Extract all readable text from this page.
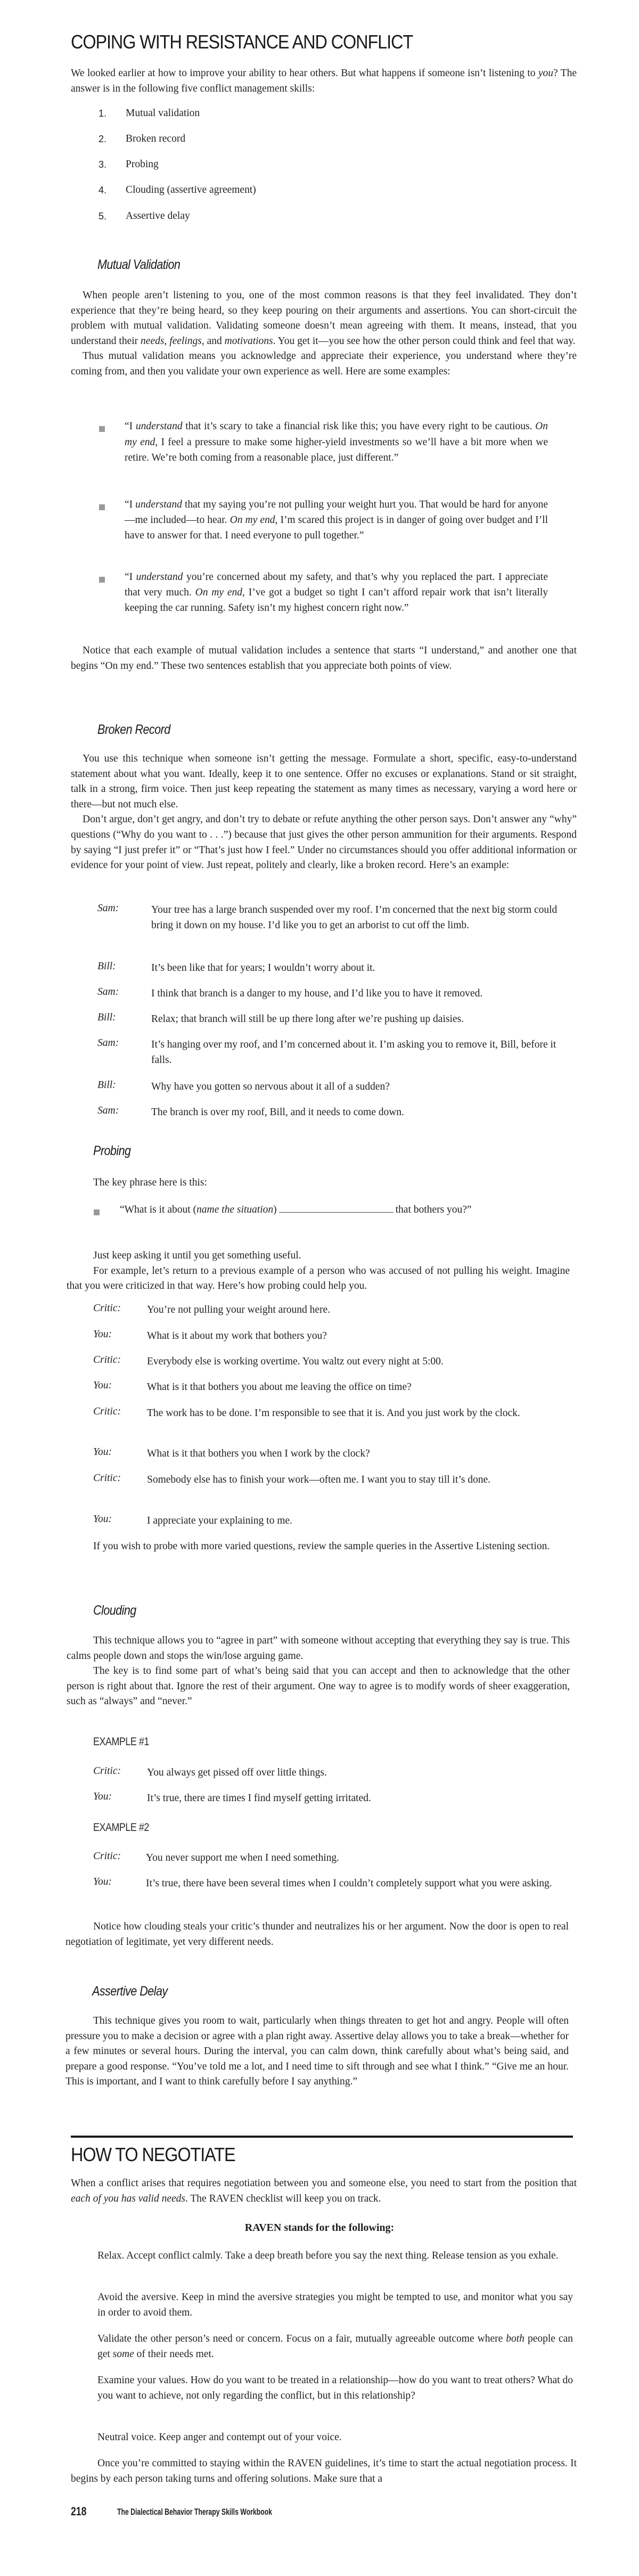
COPING WITH RESISTANCE AND CONFLICT

We looked earlier at how to improve your ability to hear others. But what happens if someone isn’t listening to you? The answer is in the following five conflict management skills:

1. Mutual validation
2. Broken record
3. Probing
4. Clouding (assertive agreement)
5. Assertive delay
Mutual Validation

When people aren’t listening to you, one of the most common reasons is that they feel invalidated. They don’t experience that they’re being heard, so they keep pouring on their arguments and assertions. You can short-circuit the problem with mutual validation. Validating someone doesn’t mean agreeing with them. It means, instead, that you understand their needs, feelings, and motivations. You get it—you see how the other person could think and feel that way.

Thus mutual validation means you acknowledge and appreciate their experience, you understand where they’re coming from, and then you validate your own experience as well. Here are some examples:

“I understand that it’s scary to take a financial risk like this; you have every right to be cautious. On my end, I feel a pressure to make some higher-yield investments so we’ll have a bit more when we retire. We’re both coming from a reasonable place, just different.”
“I understand that my saying you’re not pulling your weight hurt you. That would be hard for anyone—me included—to hear. On my end, I’m scared this project is in danger of going over budget and I’ll have to answer for that. I need everyone to pull together.”
“I understand you’re concerned about my safety, and that’s why you replaced the part. I appreciate that very much. On my end, I’ve got a budget so tight I can’t afford repair work that isn’t literally keeping the car running. Safety isn’t my highest concern right now.”

Notice that each example of mutual validation includes a sentence that starts “I understand,” and another one that begins “On my end.” These two sentences establish that you appreciate both points of view.

Broken Record

You use this technique when someone isn’t getting the message. Formulate a short, specific, easy-to-understand statement about what you want. Ideally, keep it to one sentence. Offer no excuses or explanations. Stand or sit straight, talk in a strong, firm voice. Then just keep repeating the statement as many times as necessary, varying a word here or there—but not much else.

Don’t argue, don’t get angry, and don’t try to debate or refute anything the other person says. Don’t answer any “why” questions (“Why do you want to . . .”) because that just gives the other person ammunition for their arguments. Respond by saying “I just prefer it” or “That’s just how I feel.” Under no circumstances should you offer additional information or evidence for your point of view. Just repeat, politely and clearly, like a broken record. Here’s an example:

Sam:	Your tree has a large branch suspended over my roof. I’m concerned that the next big storm could bring it down on my house. I’d like you to get an arborist to cut off the limb.
Bill:	It’s been like that for years; I wouldn’t worry about it.
Sam:	I think that branch is a danger to my house, and I’d like you to have it removed.
Bill:	Relax; that branch will still be up there long after we’re pushing up daisies.
Sam:	It’s hanging over my roof, and I’m concerned about it. I’m asking you to remove it, Bill, before it falls.
Bill:	Why have you gotten so nervous about it all of a sudden?
Sam:	The branch is over my roof, Bill, and it needs to come down.
Probing
The key phrase here is this:
“What is it about (name the situation)	that bothers you?”

Just keep asking it until you get something useful.

For example, let’s return to a previous example of a person who was accused of not pulling his weight. Imagine that you were criticized in that way. Here’s how probing could help you.

Critic:	You’re not pulling your weight around here.
You:	What is it about my work that bothers you?
Critic:	Everybody else is working overtime. You waltz out every night at 5:00.
You:	What is it that bothers you about me leaving the office on time?
Critic:	The work has to be done. I’m responsible to see that it is. And you just work by the clock.
You:	What is it that bothers you when I work by the clock?
Critic:	Somebody else has to finish your work—often me. I want you to stay till it’s done.
You:	I appreciate your explaining to me.

If you wish to probe with more varied questions, review the sample queries in the Assertive Listening section.

Clouding

This technique allows you to “agree in part” with someone without accepting that everything they say is true. This calms people down and stops the win/lose arguing game.

The key is to find some part of what’s being said that you can accept and then to acknowledge that the other person is right about that. Ignore the rest of their argument. One way to agree is to modify words of sheer exaggeration, such as “always” and “never.”

EXAMPLE #1
Critic:	You always get pissed off over little things.
You:	It’s true, there are times I find myself getting irritated.
EXAMPLE #2
Critic: You never support me when I need something.
You:	It’s true, there have been several times when I couldn’t completely support what you were asking.

Notice how clouding steals your critic’s thunder and neutralizes his or her argument. Now the door is open to real negotiation of legitimate, yet very different needs.

Assertive Delay

This technique gives you room to wait, particularly when things threaten to get hot and angry. People will often pressure you to make a decision or agree with a plan right away. Assertive delay allows you to take a break—whether for a few minutes or several hours. During the interval, you can calm down, think carefully about what’s being said, and prepare a good response. “You’ve told me a lot, and I need time to sift through and see what I think.” “Give me an hour. This is important, and I want to think carefully before I say anything.”

HOW TO NEGOTIATE

When a conflict arises that requires negotiation between you and someone else, you need to start from the position that each of you has valid needs. The RAVEN checklist will keep you on track.

RAVEN stands for the following:
Relax. Accept conflict calmly. Take a deep breath before you say the next thing. Release tension as you exhale.
Avoid the aversive. Keep in mind the aversive strategies you might be tempted to use, and monitor what you say in order to avoid them.
Validate the other person’s need or concern. Focus on a fair, mutually agreeable outcome where both people can get some of their needs met.
Examine your values. How do you want to be treated in a relationship—how do you want to treat others? What do you want to achieve, not only regarding the conflict, but in this relationship?
Neutral voice. Keep anger and contempt out of your voice.

Once you’re committed to staying within the RAVEN guidelines, it’s time to start the actual negotiation process. It begins by each person taking turns and offering solutions. Make sure that a

218	The Dialectical Behavior Therapy Skills Workbook
